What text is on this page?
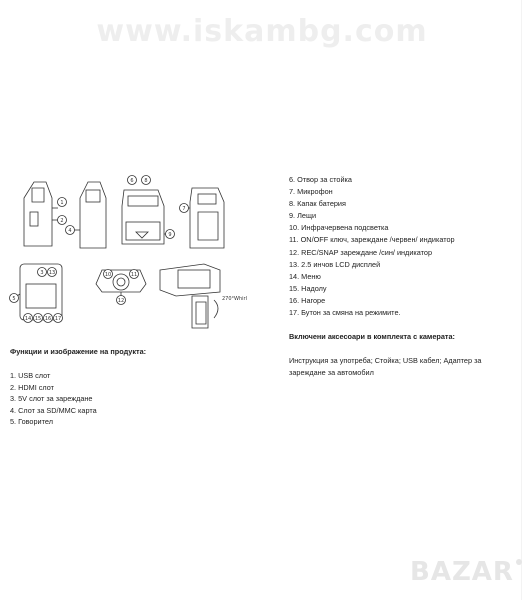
www.iskambg.com
1
2
3
4
5
6
7
8
9
10	11
12
13
14 15 16 17
270°Whirl
Функции и изображение на продукта:
1. USB слот
2. HDMI слот
3. 5V слот за зареждане
4. Слот за SD/MMC карта
5. Говорител
6. Отвор за стойка
7. Микрофон
8. Капак батерия
9. Лещи
10. Инфрачервена подсветка
11. ON/OFF ключ, зареждане /червен/ индикатор
12. REC/SNAP зареждане /син/ индикатор
13. 2.5 инчов LCD дисплей
14. Меню
15. Надолу
16. Нагоре
17. Бутон за смяна на режимите.
Включени аксесоари в комплекта с камерата:
Инструкция за употреба; Стойка; USB кабел; Адаптер за зареждане за автомобил
BAZAR
